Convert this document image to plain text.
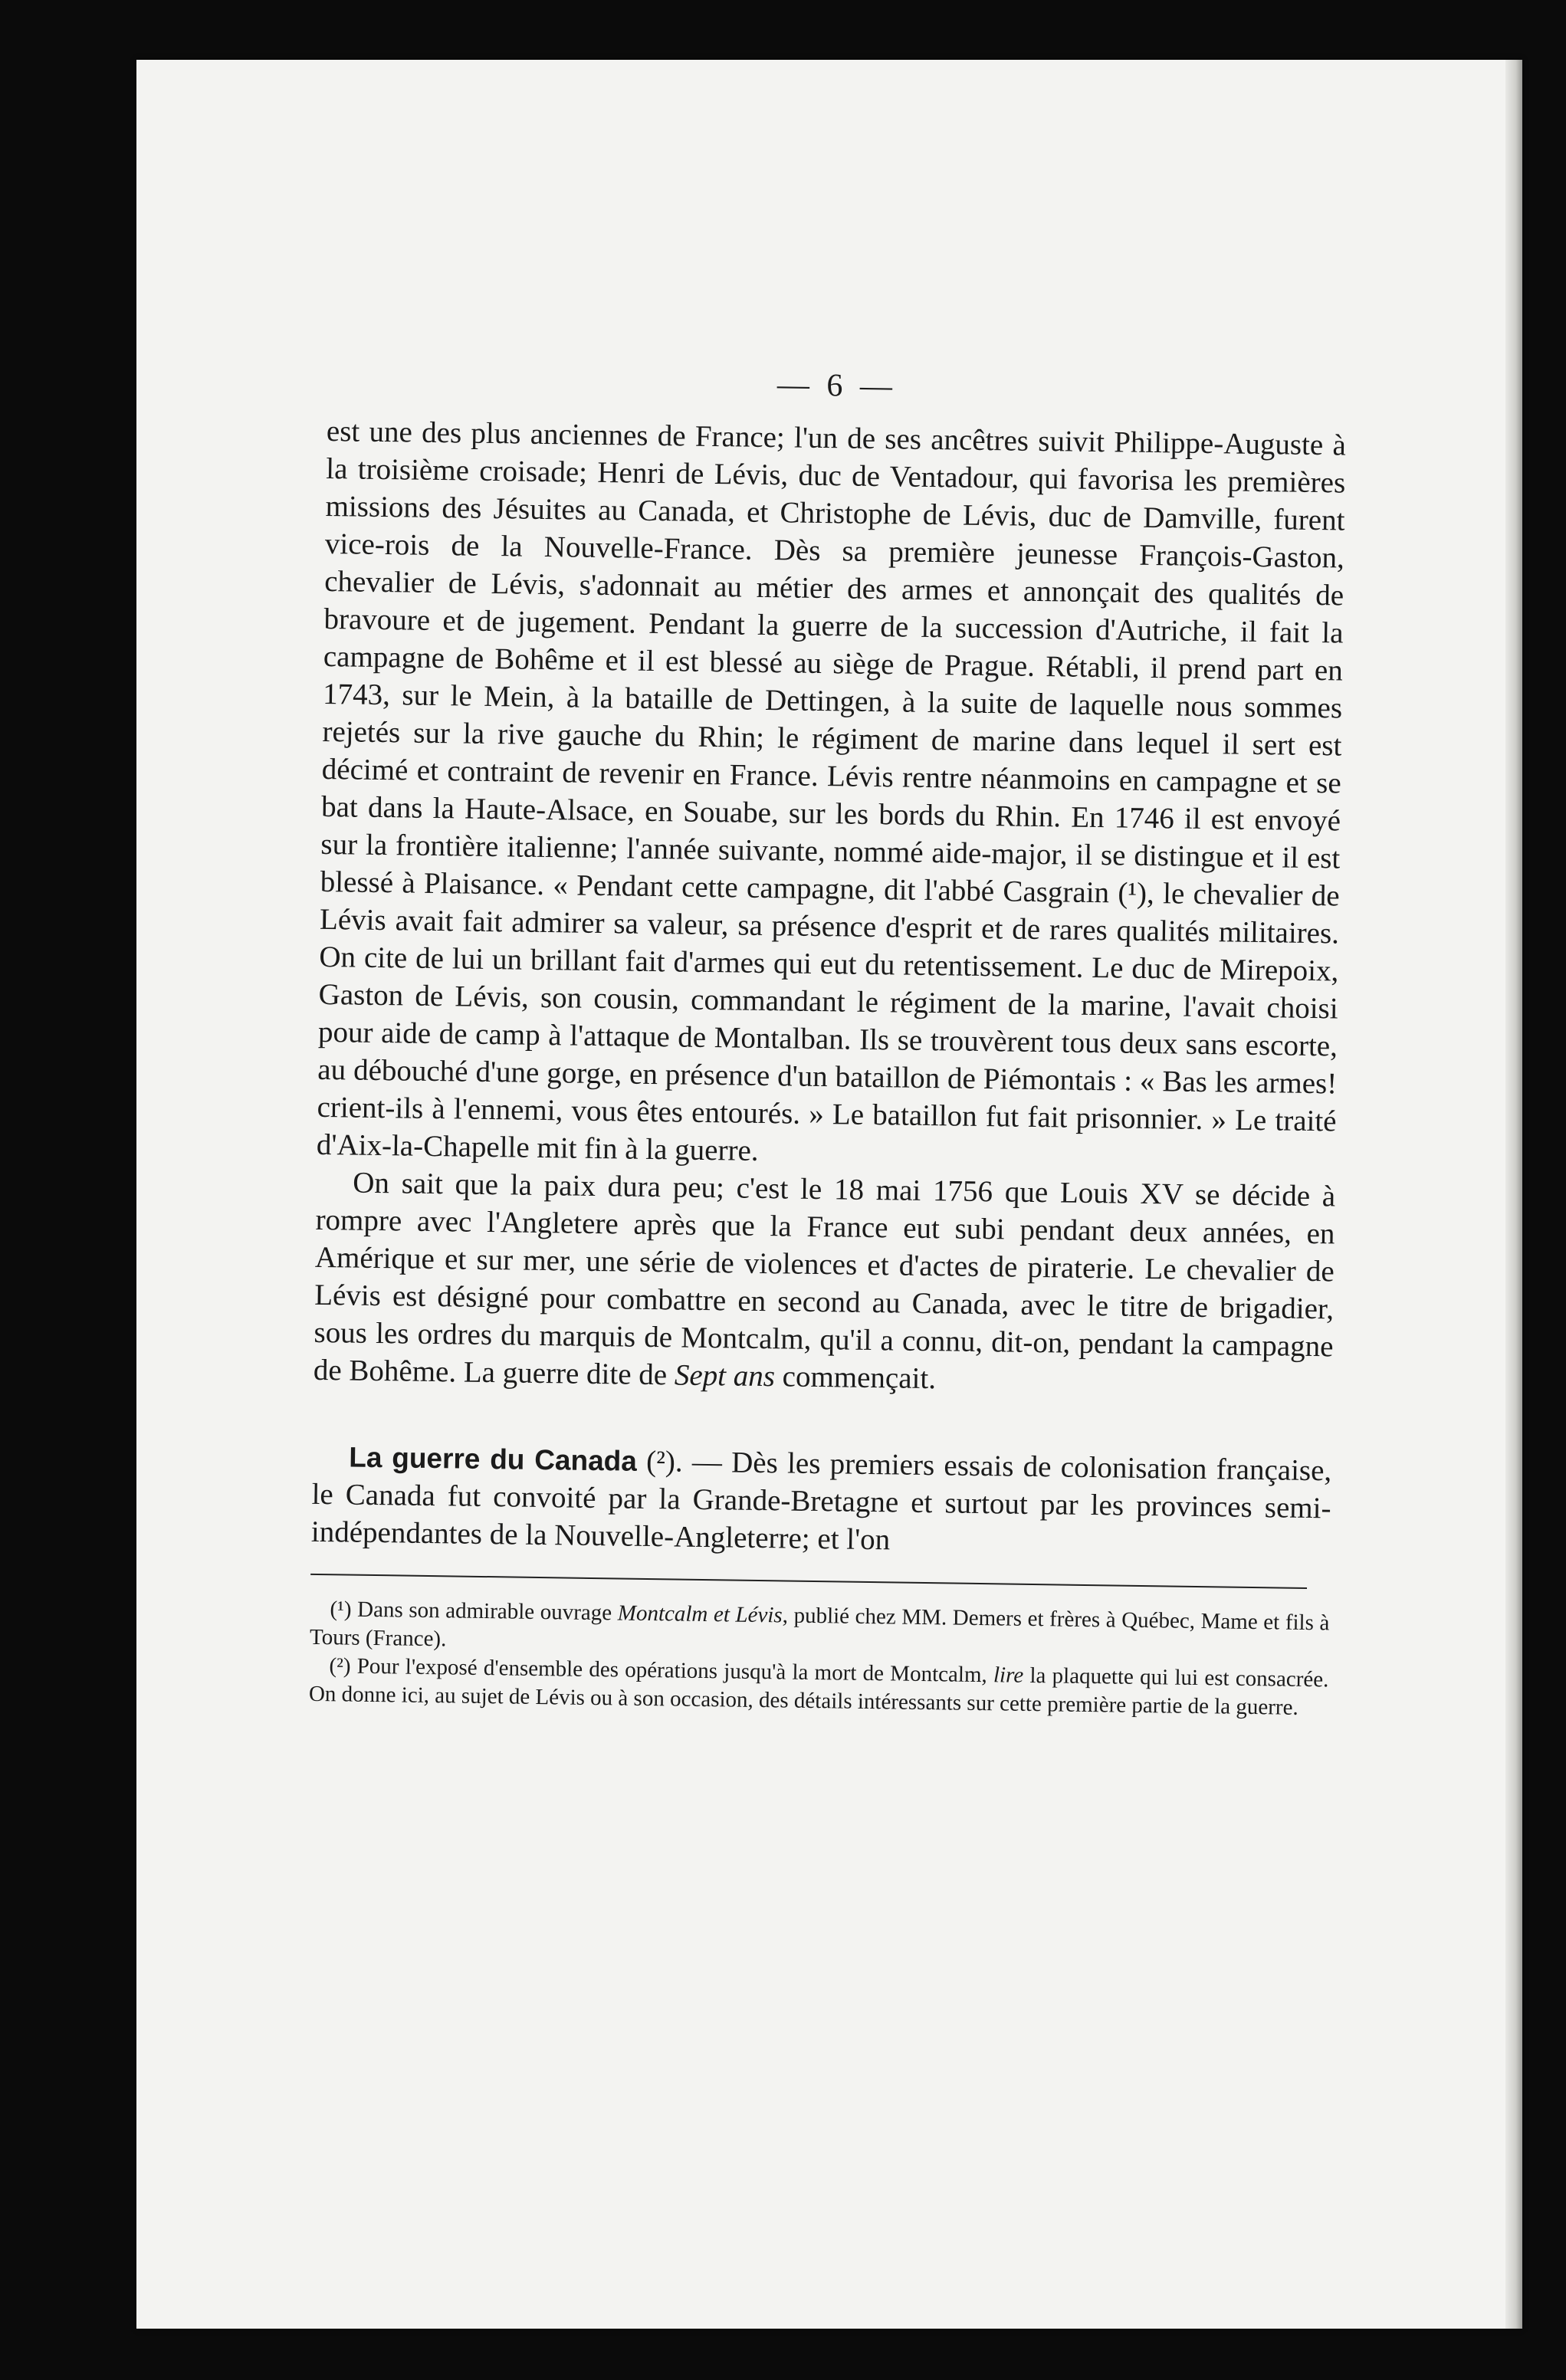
— 6 —

est une des plus anciennes de France; l'un de ses ancêtres suivit Philippe-Auguste à la troisième croisade; Henri de Lévis, duc de Ventadour, qui favorisa les premières missions des Jésuites au Canada, et Christophe de Lévis, duc de Damville, furent vice-rois de la Nouvelle-France. Dès sa première jeunesse François-Gaston, chevalier de Lévis, s'adonnait au métier des armes et annonçait des qualités de bravoure et de jugement. Pendant la guerre de la succession d'Autriche, il fait la campagne de Bohême et il est blessé au siège de Prague. Rétabli, il prend part en 1743, sur le Mein, à la bataille de Dettingen, à la suite de laquelle nous sommes rejetés sur la rive gauche du Rhin; le régiment de marine dans lequel il sert est décimé et contraint de revenir en France. Lévis rentre néanmoins en campagne et se bat dans la Haute-Alsace, en Souabe, sur les bords du Rhin. En 1746 il est envoyé sur la frontière italienne; l'année suivante, nommé aide-major, il se distingue et il est blessé à Plaisance. « Pendant cette campagne, dit l'abbé Casgrain (¹), le chevalier de Lévis avait fait admirer sa valeur, sa présence d'esprit et de rares qualités militaires. On cite de lui un brillant fait d'armes qui eut du retentissement. Le duc de Mirepoix, Gaston de Lévis, son cousin, commandant le régiment de la marine, l'avait choisi pour aide de camp à l'attaque de Montalban. Ils se trouvèrent tous deux sans escorte, au débouché d'une gorge, en présence d'un bataillon de Piémontais : « Bas les armes! crient-ils à l'ennemi, vous êtes entourés. » Le bataillon fut fait prisonnier. » Le traité d'Aix-la-Chapelle mit fin à la guerre.

On sait que la paix dura peu; c'est le 18 mai 1756 que Louis XV se décide à rompre avec l'Angletere après que la France eut subi pendant deux années, en Amérique et sur mer, une série de violences et d'actes de piraterie. Le chevalier de Lévis est désigné pour combattre en second au Canada, avec le titre de brigadier, sous les ordres du marquis de Montcalm, qu'il a connu, dit-on, pendant la campagne de Bohême. La guerre dite de Sept ans commençait.

La guerre du Canada (²). — Dès les premiers essais de colonisation française, le Canada fut convoité par la Grande-Bretagne et surtout par les provinces semi-indépendantes de la Nouvelle-Angleterre; et l'on

(¹) Dans son admirable ouvrage Montcalm et Lévis, publié chez MM. Demers et frères à Québec, Mame et fils à Tours (France).

(²) Pour l'exposé d'ensemble des opérations jusqu'à la mort de Montcalm, lire la plaquette qui lui est consacrée. On donne ici, au sujet de Lévis ou à son occasion, des détails intéressants sur cette première partie de la guerre.
